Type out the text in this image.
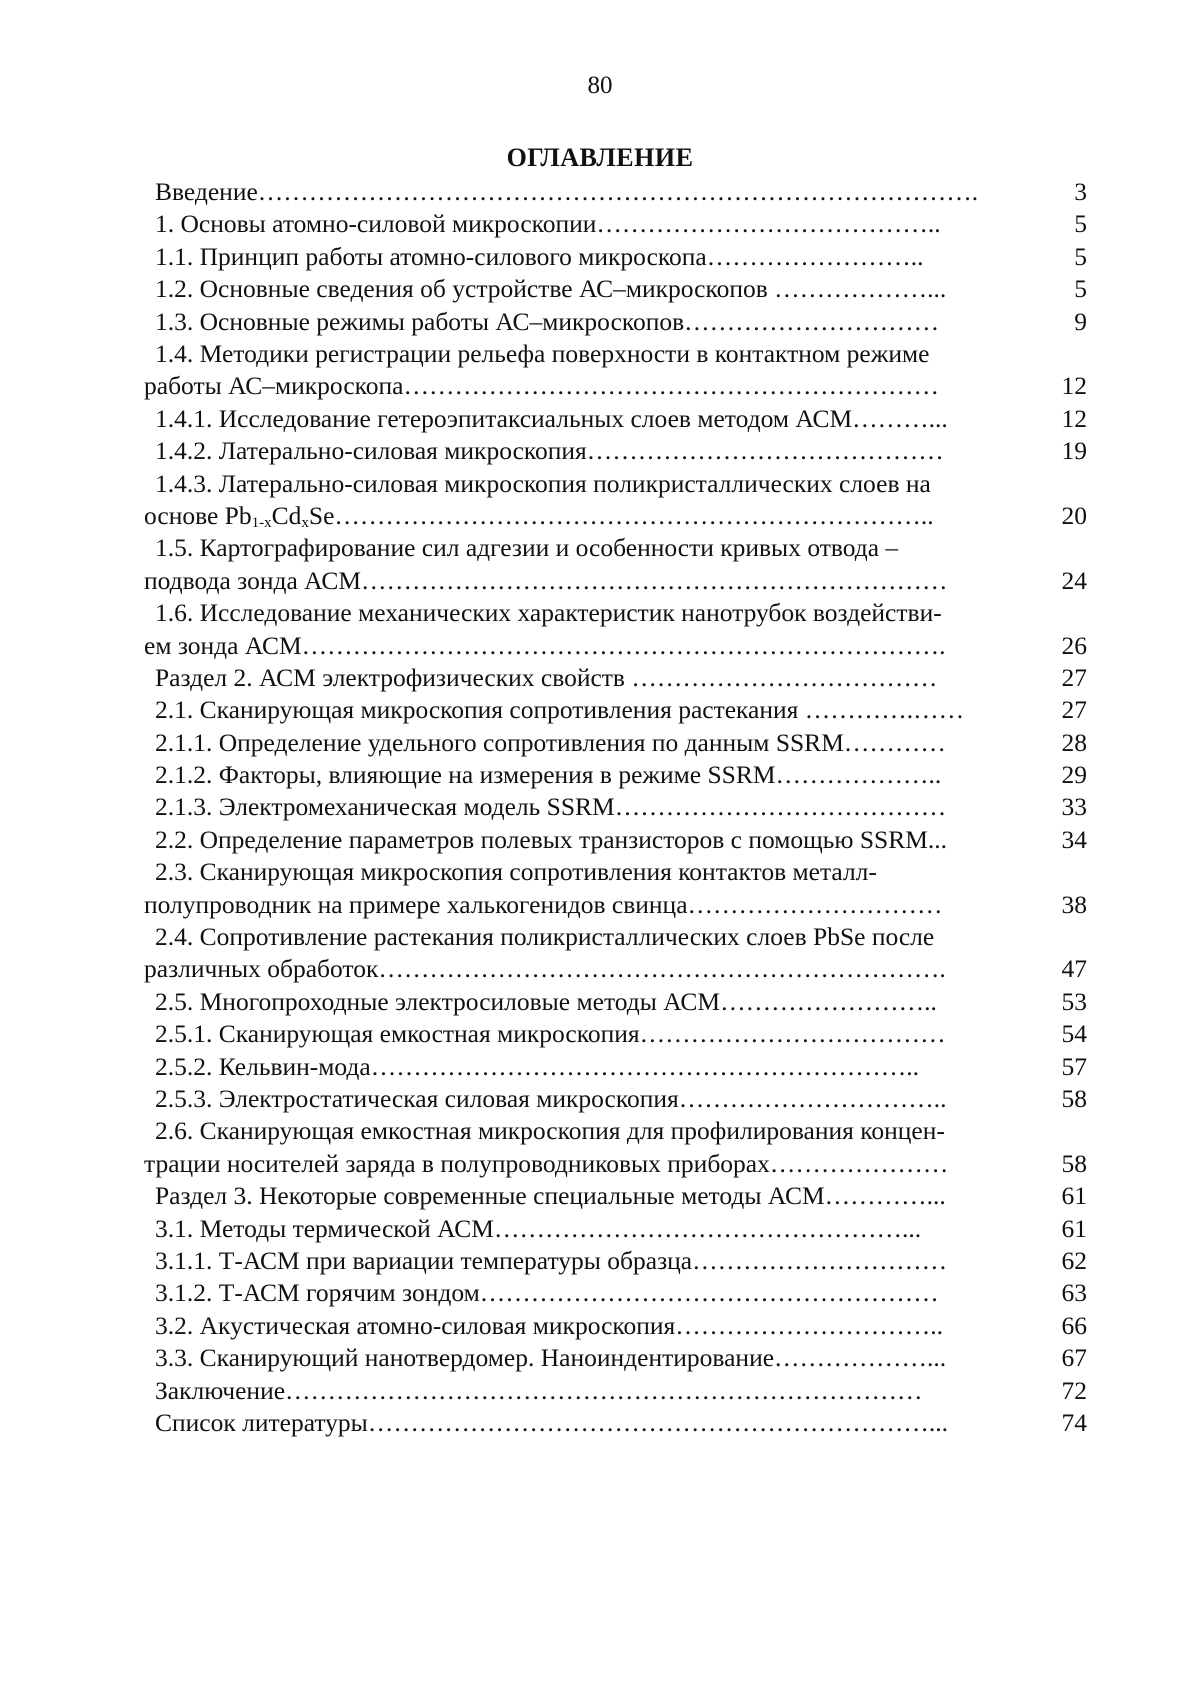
80
ОГЛАВЛЕНИЕ
Введение………………………………………………………………………….	3
1. Основы атомно-силовой микроскопии…………………………………..	5
1.1. Принцип работы атомно-силового микроскопа……………………..	5
1.2. Основные сведения об устройстве АС–микроскопов ………………...	5
1.3. Основные режимы работы АС–микроскопов…………………………	9
1.4. Методики регистрации рельефа поверхности в контактном режиме
работы АС–микроскопа………………………………………………………	12
1.4.1. Исследование гетероэпитаксиальных слоев методом АСМ………...	12
1.4.2. Латерально-силовая микроскопия……………………………………	19
1.4.3. Латерально-силовая микроскопия поликристаллических слоев на
основе $Pb_{1-x}Cd_xSe\dots\dots\dots\dots\dots\dots\dots\dots\dots\dots\dots\dots\dots\dots\dots\dots\dots\dots\dots\dots\dots\dots\dots$..	20
1.5. Картографирование сил адгезии и особенности кривых отвода –
подвода зонда АСМ……………………………………………………………	24
1.6. Исследование механических характеристик нанотрубок воздействи-
ем зонда АСМ………………………………………………………………….	26
Раздел 2. АСМ электрофизических свойств ………………………………	27
2.1. Сканирующая микроскопия сопротивления растекания ………….……	27
2.1.1. Определение удельного сопротивления по данным SSRM…………	28
2.1.2. Факторы, влияющие на измерения в режиме SSRM………………..	29
2.1.3. Электромеханическая модель SSRM…………………………………	33
2.2. Определение параметров полевых транзисторов с помощью SSRM...	34
2.3. Сканирующая микроскопия сопротивления контактов металл-
полупроводник на примере халькогенидов свинца…………………………	38
2.4. Сопротивление растекания поликристаллических слоев PbSe после
различных обработок………………………………………………………….	47
2.5. Многопроходные электросиловые методы АСМ……………………..	53
2.5.1. Сканирующая емкостная микроскопия………………………………	54
2.5.2. Кельвин-мода………………………………………………………..	57
2.5.3. Электростатическая силовая микроскопия…………………………..	58
2.6. Сканирующая емкостная микроскопия для профилирования концен-
трации носителей заряда в полупроводниковых приборах…………………	58
Раздел 3. Некоторые современные специальные методы АСМ…………...	61
3.1. Методы термической АСМ…………………………………………...	61
3.1.1. Т-АСМ при вариации температуры образца…………………………	62
3.1.2. Т-АСМ горячим зондом………………………………………………	63
3.2. Акустическая атомно-силовая микроскопия…………………………..	66
3.3. Сканирующий нанотвердомер. Наноиндентирование………………...	67
Заключение…………………………………………………………………	72
Список литературы…………………………………………………………...	74
